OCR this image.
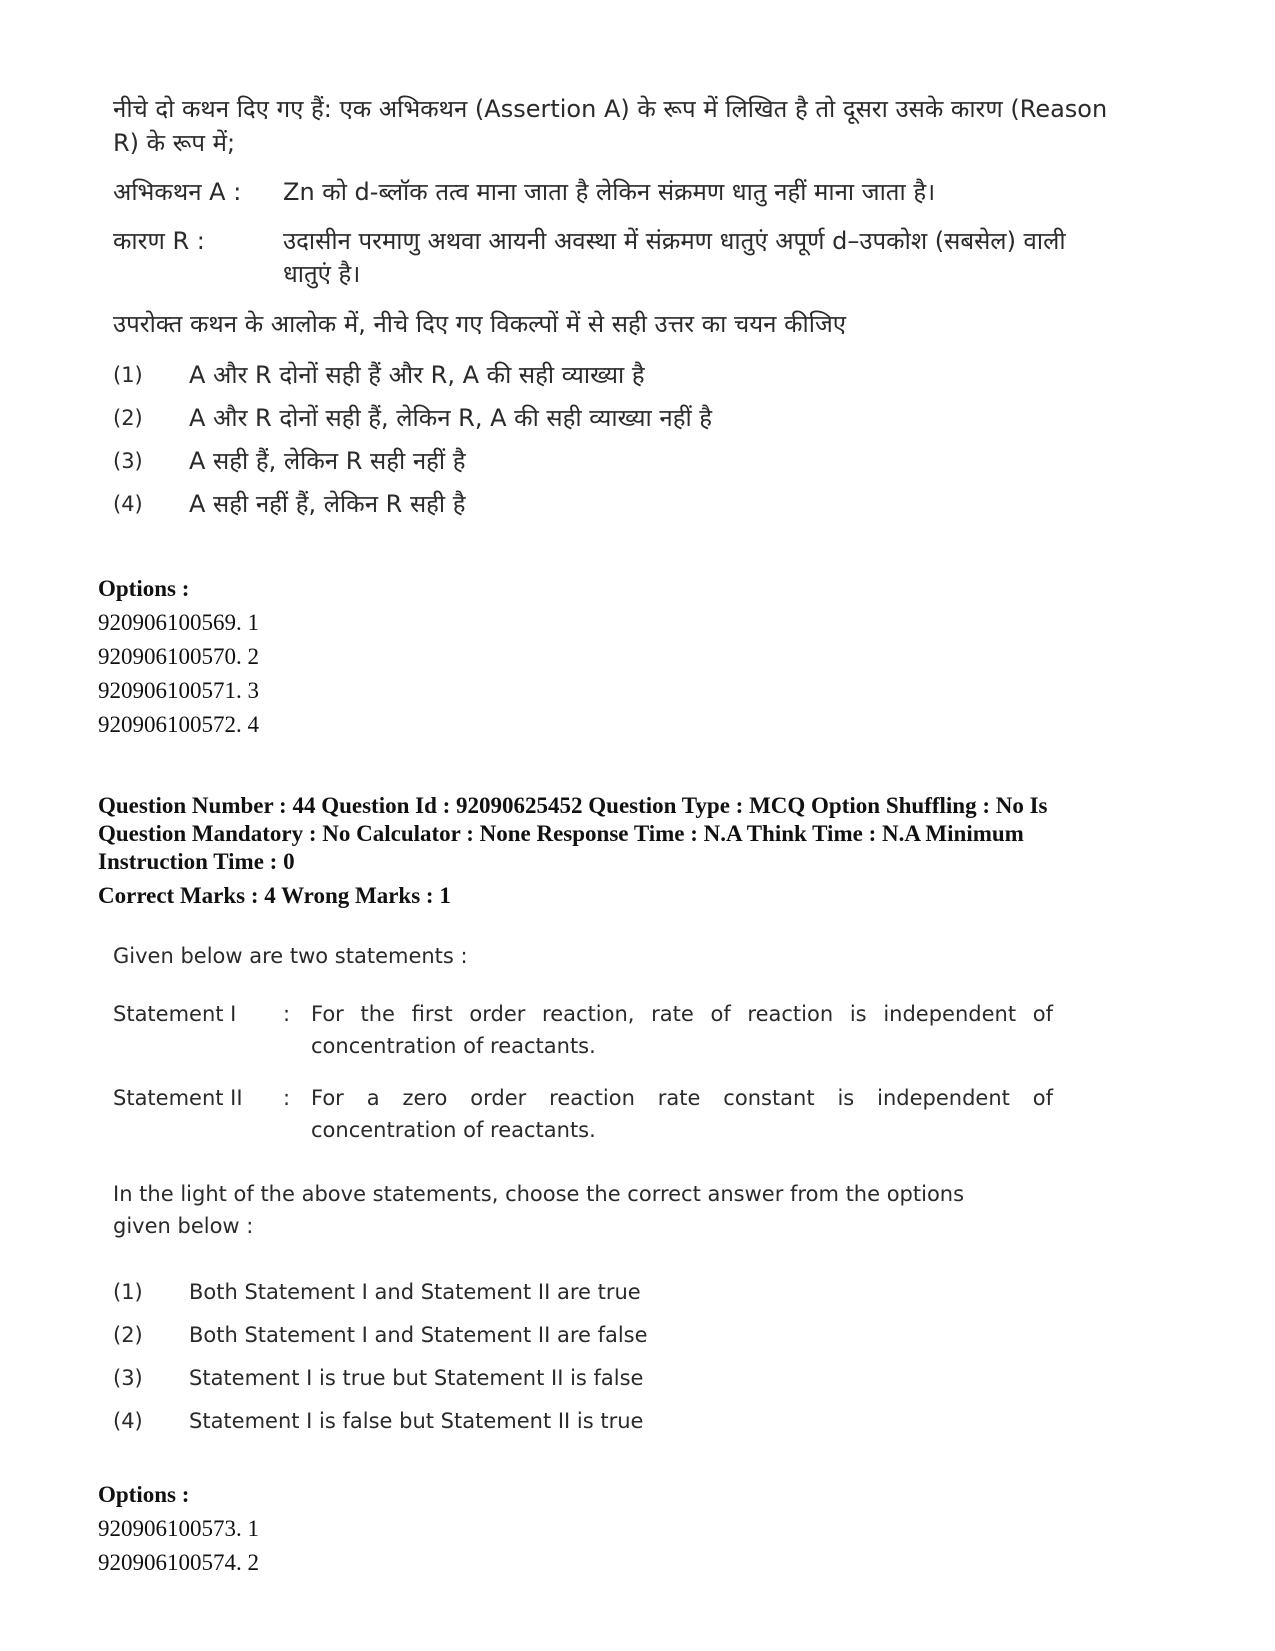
नीचे दो कथन दिए गए हैं: एक अभिकथन (Assertion A) के रूप में लिखित है तो दूसरा उसके कारण (Reason R) के रूप में;

अभिकथन A :	Zn को d-ब्लॉक तत्व माना जाता है लेकिन संक्रमण धातु नहीं माना जाता है।
कारण R :	उदासीन परमाणु अथवा आयनी अवस्था में संक्रमण धातुएं अपूर्ण d–उपकोश (सबसेल) वाली धातुएं है।
उपरोक्त कथन के आलोक में, नीचे दिए गए विकल्पों में से सही उत्तर का चयन कीजिए
(1)	A और R दोनों सही हैं और R, A की सही व्याख्या है
(2)	A और R दोनों सही हैं, लेकिन R, A की सही व्याख्या नहीं है
(3)	A सही हैं, लेकिन R सही नहीं है
(4)	A सही नहीं हैं, लेकिन R सही है

Options :

920906100569. 1

920906100570. 2

920906100571. 3

920906100572. 4

Question Number : 44 Question Id : 92090625452 Question Type : MCQ Option Shuffling : No Is
Question Mandatory : No Calculator : None Response Time : N.A Think Time : N.A Minimum
Instruction Time : 0
Correct Marks : 4 Wrong Marks : 1
Given below are two statements :
Statement I	: For the first order reaction, rate of reaction is independent of concentration of reactants.
Statement II	: For a zero order reaction rate constant is independent of concentration of reactants.
In the light of the above statements, choose the correct answer from the options given below :
(1)	Both Statement I and Statement II are true
(2)	Both Statement I and Statement II are false
(3)	Statement I is true but Statement II is false
(4)	Statement I is false but Statement II is true

Options :

920906100573. 1

920906100574. 2
